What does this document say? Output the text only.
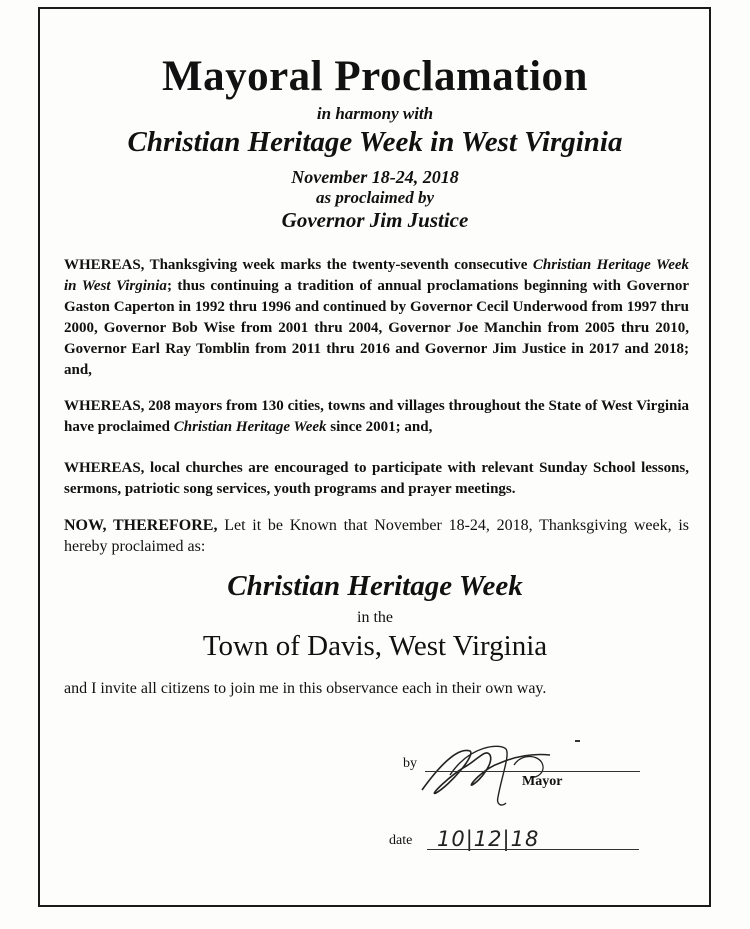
Mayoral Proclamation
in harmony with
Christian Heritage Week in West Virginia
November 18-24, 2018
as proclaimed by
Governor Jim Justice

WHEREAS, Thanksgiving week marks the twenty-seventh consecutive Christian Heritage Week in West Virginia; thus continuing a tradition of annual proclamations beginning with Governor Gaston Caperton in 1992 thru 1996 and continued by Governor Cecil Underwood from 1997 thru 2000, Governor Bob Wise from 2001 thru 2004, Governor Joe Manchin from 2005 thru 2010, Governor Earl Ray Tomblin from 2011 thru 2016 and Governor Jim Justice in 2017 and 2018; and,

WHEREAS, 208 mayors from 130 cities, towns and villages throughout the State of West Virginia have proclaimed Christian Heritage Week since 2001; and,

WHEREAS, local churches are encouraged to participate with relevant Sunday School lessons, sermons, patriotic song services, youth programs and prayer meetings.

NOW, THEREFORE, Let it be Known that November 18-24, 2018, Thanksgiving week, is hereby proclaimed as:

Christian Heritage Week
in the
Town of Davis, West Virginia

and I invite all citizens to join me in this observance each in their own way.

by
Mayor
date 10|12|18
